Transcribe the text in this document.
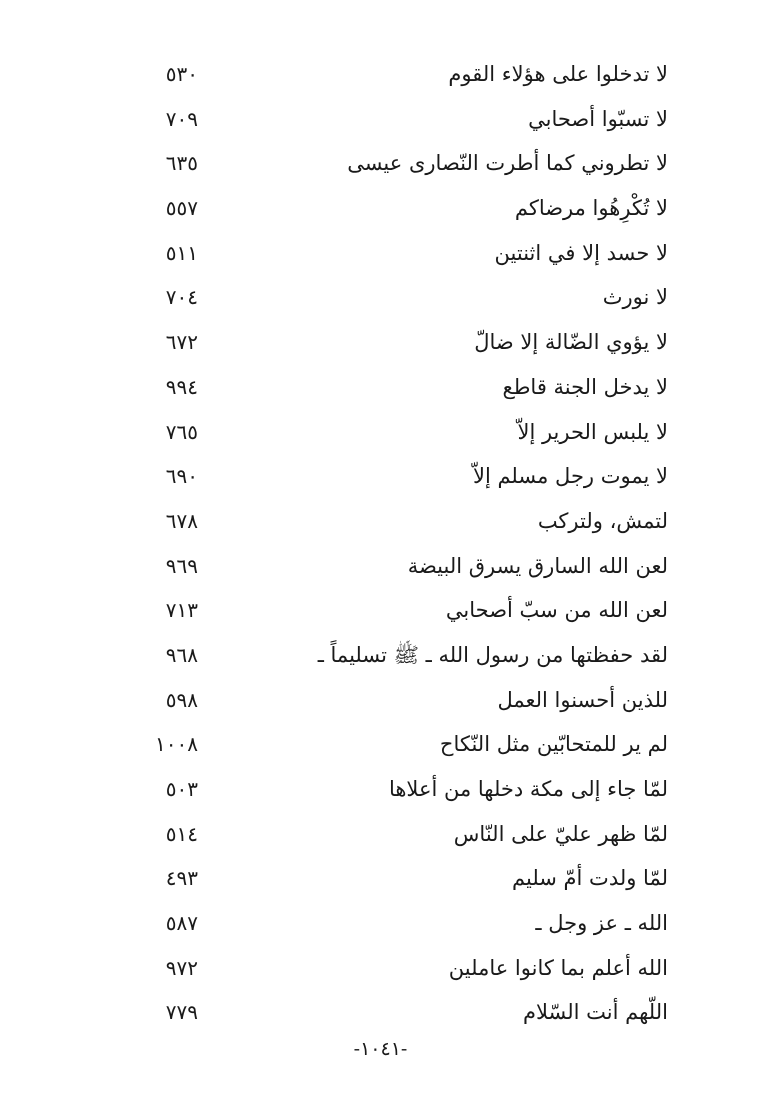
لا تدخلوا على هؤلاء القوم
٥٣٠
لا تسبّوا أصحابي
٧٠٩
لا تطروني كما أطرت النّصارى عيسى
٦٣٥
لا تُكْرِهُوا مرضاكم
٥٥٧
لا حسد إلا في اثنتين
٥١١
لا نورث
٧٠٤
لا يؤوي الضّالة إلا ضالّ
٦٧٢
لا يدخل الجنة قاطع
٩٩٤
لا يلبس الحرير إلاّ
٧٦٥
لا يموت رجل مسلم إلاّ
٦٩٠
لتمش، ولتركب
٦٧٨
لعن الله السارق يسرق البيضة
٩٦٩
لعن الله من سبّ أصحابي
٧١٣
لقد حفظتها من رسول الله ـ ﷺ تسليماً ـ
٩٦٨
للذين أحسنوا العمل
٥٩٨
لم ير للمتحابّين مثل النّكاح
١٠٠٨
لمّا جاء إلى مكة دخلها من أعلاها
٥٠٣
لمّا ظهر عليّ على النّاس
٥١٤
لمّا ولدت أمّ سليم
٤٩٣
الله ـ عز وجل ـ
٥٨٧
الله أعلم بما كانوا عاملين
٩٧٢
اللّهم أنت السّلام
٧٧٩
-١٠٤١-
